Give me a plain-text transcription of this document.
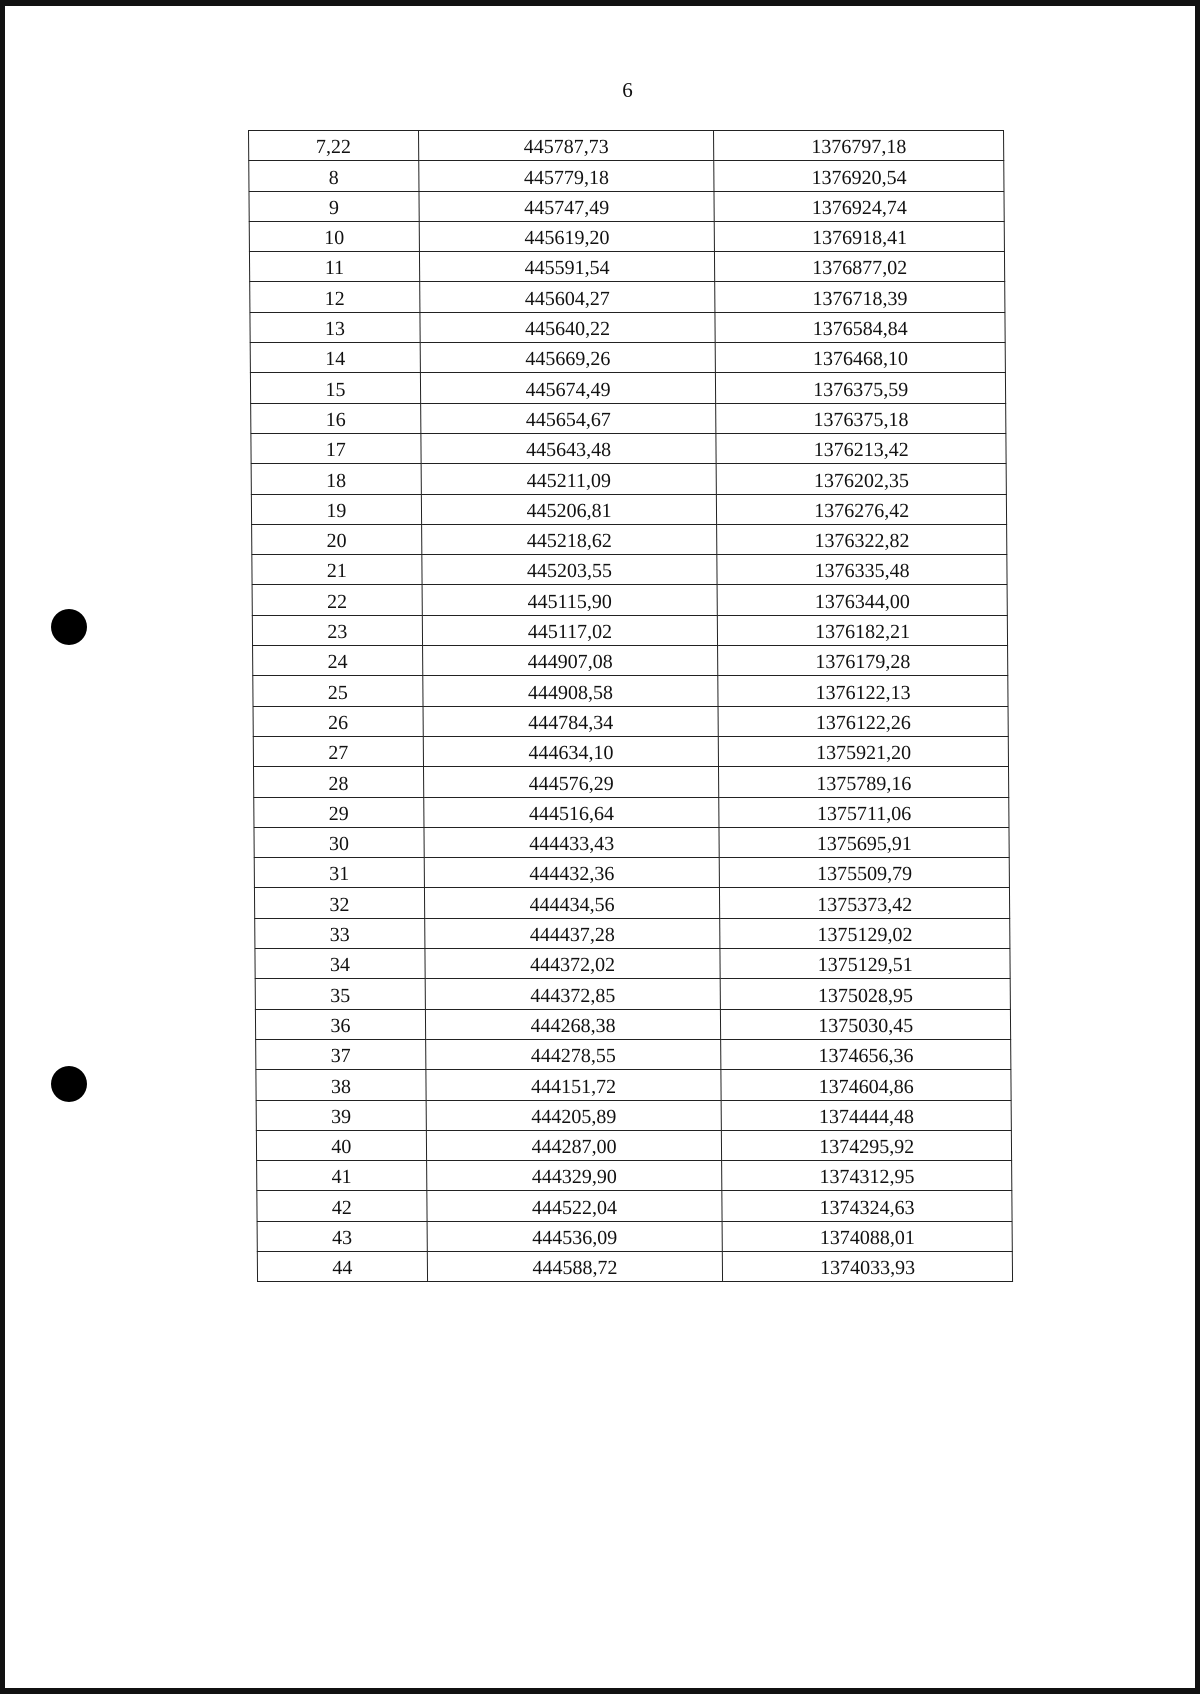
6
7,22	445787,73	1376797,18
8	445779,18	1376920,54
9	445747,49	1376924,74
10	445619,20	1376918,41
11	445591,54	1376877,02
12	445604,27	1376718,39
13	445640,22	1376584,84
14	445669,26	1376468,10
15	445674,49	1376375,59
16	445654,67	1376375,18
17	445643,48	1376213,42
18	445211,09	1376202,35
19	445206,81	1376276,42
20	445218,62	1376322,82
21	445203,55	1376335,48
22	445115,90	1376344,00
23	445117,02	1376182,21
24	444907,08	1376179,28
25	444908,58	1376122,13
26	444784,34	1376122,26
27	444634,10	1375921,20
28	444576,29	1375789,16
29	444516,64	1375711,06
30	444433,43	1375695,91
31	444432,36	1375509,79
32	444434,56	1375373,42
33	444437,28	1375129,02
34	444372,02	1375129,51
35	444372,85	1375028,95
36	444268,38	1375030,45
37	444278,55	1374656,36
38	444151,72	1374604,86
39	444205,89	1374444,48
40	444287,00	1374295,92
41	444329,90	1374312,95
42	444522,04	1374324,63
43	444536,09	1374088,01
44	444588,72	1374033,93
